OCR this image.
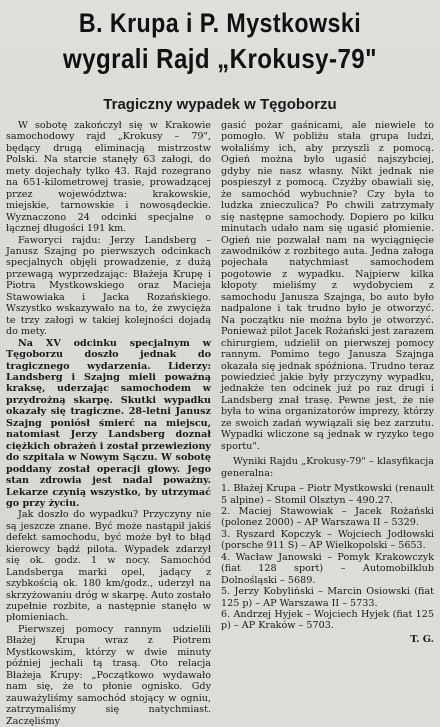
B. Krupa i P. Mystkowski
wygrali Rajd „Krokusy-79"
Tragiczny wypadek w Tęgoborzu

W sobotę zakończył się w Krakowie samochodowy rajd „Krokusy – 79", będący drugą eliminacją mistrzostw Polski. Na starcie stanęły 63 załogi, do mety dojechały tylko 43. Rajd rozegrano na 651-kilometrowej trasie, prowadzącej przez województwa: krakowskie, miejskie, tarnowskie i nowosądeckie. Wyznaczono 24 odcinki specjalne o łącznej długości 191 km.

Faworyci rajdu: Jerzy Landsberg – Janusz Szajng po pierwszych odcinkach specjalnych objęli prowadzenie, z dużą przewagą wyprzedzając: Błażeja Krupę i Piotra Mystkowskiego oraz Macieja Stawowiaka i Jacka Rozańskiego. Wszystko wskazywało na to, że zwycięża te trzy załogi w takiej kolejności dojadą do mety.

Na XV odcinku specjalnym w Tęgoborzu doszło jednak do tragicznego wydarzenia. Liderzy: Landsberg i Szajng mieli poważną kraksę, uderzając samochodem w przydrożną skarpę. Skutki wypadku okazały się tragiczne. 28-letni Janusz Szajng poniósł śmierć na miejscu, natomiast Jerzy Landsberg doznał ciężkich obrażeń i został przewieziony do szpitala w Nowym Sączu. W sobotę poddany został operacji głowy. Jego stan zdrowia jest nadal poważny. Lekarze czynią wszystko, by utrzymać go przy życiu.

Jak doszło do wypadku? Przyczyny nie są jeszcze znane. Być może nastąpił jakiś defekt samochodu, być może był to błąd kierowcy bądź pilota. Wypadek zdarzył się ok. godz. 1 w nocy. Samochód Landsberga marki opel, jadący z szybkością ok. 180 km/godz., uderzył na skrzyżowaniu dróg w skarpę. Auto zostało zupełnie rozbite, a następnie stanęło w płomieniach.

Pierwszej pomocy rannym udzielili Błażej Krupa wraz z Piotrem Mystkowskim, którzy w dwie minuty później jechali tą trasą. Oto relacja Błażeja Krupy: „Początkowo wydawało nam się, że to płonie ognisko. Gdy zauważyliśmy samochód stojący w ogniu, zatrzymaliśmy się natychmiast. Zaczęliśmy

gasić pożar gaśnicami, ale niewiele to pomogło. W pobliżu stała grupa ludzi, wołaliśmy ich, aby przyszli z pomocą. Ogień można było ugasić najszybciej, gdyby nie nasz własny. Nikt jednak nie pospieszył z pomocą. Czyżby obawiali się, że samochód wybuchnie? Czy była to ludzka znieczulica? Po chwili zatrzymały się następne samochody. Dopiero po kilku minutach udało nam się ugasić płomienie. Ogień nie pozwalał nam na wyciągnięcie zawodników z rozbitego auta. Jedna załoga pojechała natychmiast samochodem pogotowie z wypadku. Najpierw kilka kłopoty mieliśmy z wydobyciem z samochodu Janusza Szajnga, bo auto było nadpalone i tak trudno było je otworzyć. Na początku nie można było je otworzyć. Ponieważ pilot Jacek Rożański jest zarazem chirurgiem, udzielił on pierwszej pomocy rannym. Pomimo tego Janusza Szajnga okazała się jednak spóźniona. Trudno teraz powiedzieć jakie były przyczyny wypadku, jednakże ten odcinek już po raz drugi i Landsberg znał trasę. Pewne jest, że nie była to wina organizatorów imprezy, którzy ze swoich zadań wywiązali się bez zarzutu. Wypadki wliczone są jednak w ryzyko tego sportu".

Wyniki Rajdu „Krokusy-79" – klasyfikacja generalna:

1. Błażej Krupa – Piotr Mystkowski (renault 5 alpine) – Stomil Olsztyn – 490.27.

2. Maciej Stawowiak – Jacek Rożański (polonez 2000) – AP Warszawa II – 5329.

3. Ryszard Kopczyk – Wojciech Jodłowski (porsche 911 S) – AP Wielkopolski – 5653.

4. Wacław Janowski – Pomyk Krakowczyk (fiat 128 sport) – Automobilklub Dolnośląski – 5689.

5. Jerzy Kobyliński – Marcin Osiowski (fiat 125 p) – AP Warszawa II – 5733.

6. Andrzej Hyjek – Wojciech Hyjek (fiat 125 p) – AP Kraków – 5703.

T. G.
